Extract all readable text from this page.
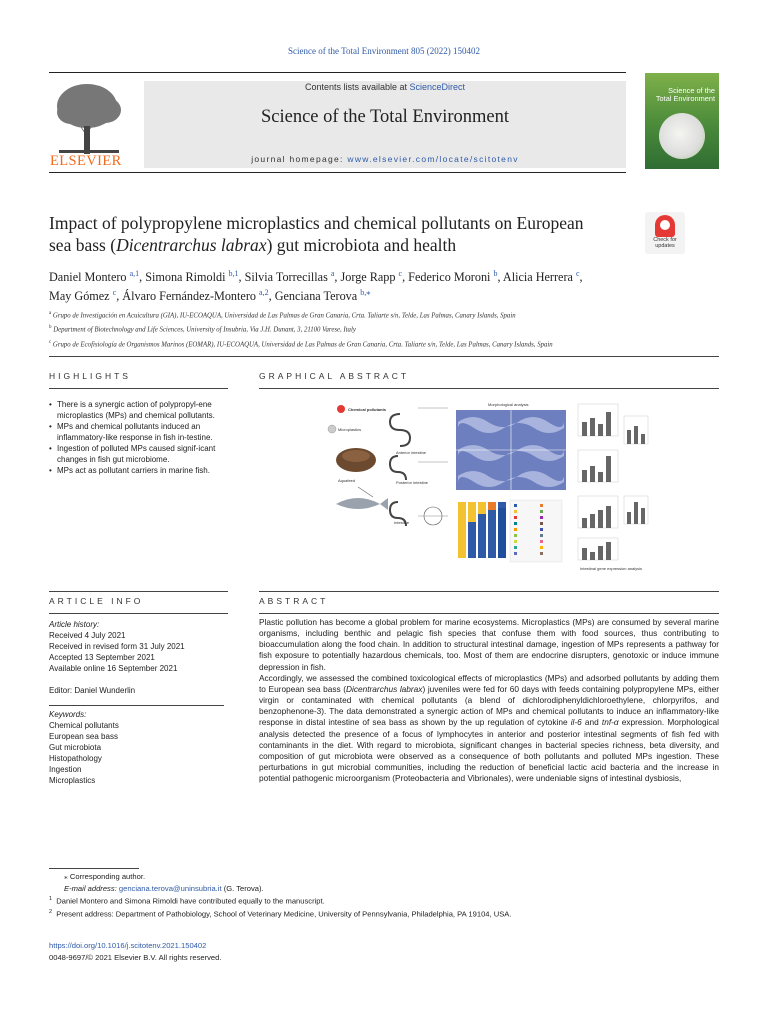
Science of the Total Environment 805 (2022) 150402
ELSEVIER
Contents lists available at ScienceDirect
Science of the Total Environment
journal homepage: www.elsevier.com/locate/scitotenv
Science of the Total Environment
Impact of polypropylene microplastics and chemical pollutants on European sea bass (Dicentrarchus labrax) gut microbiota and health	Check for updates
Daniel Montero $^{a,1}$, Simona Rimoldi $^{b,1}$, Silvia Torrecillas $^a$, Jorge Rapp $^c$, Federico Moroni $^b$, Alicia Herrera $^c$,
May Gómez $^c$, Álvaro Fernández-Montero $^{a,2}$, Genciana Terova $^{b,⁎}$
$^a$ Grupo de Investigación en Acuicultura (GIA), IU-ECOAQUA, Universidad de Las Palmas de Gran Canaria, Crta. Taliarte s/n, Telde, Las Palmas, Canary Islands, Spain
$^b$ Department of Biotechnology and Life Sciences, University of Insubria, Via J.H. Dunant, 3, 21100 Varese, Italy
$^c$ Grupo de Ecofisiología de Organismos Marinos (EOMAR), IU-ECOAQUA, Universidad de Las Palmas de Gran Canaria, Crta. Taliarte s/n, Telde, Las Palmas, Canary Islands, Spain
HIGHLIGHTS	GRAPHICAL ABSTRACT
• There is a synergic action of polypropyl-ene microplastics (MPs) and chemical pollutants.
• MPs and chemical pollutants induced an inflammatory-like response in fish in-testine.
• Ingestion of polluted MPs caused signif-icant changes in fish gut microbiome.
• MPs act as pollutant carriers in marine fish.
Chemical pollutants
Microplastics
Aquafeed
Anterior intestine
Posterior intestine
Intestine
Morphological analysis
Intestinal gene expression analysis
ARTICLE INFO	ABSTRACT
Article history:
Received 4 July 2021
Received in revised form 31 July 2021
Accepted 13 September 2021
Available online 16 September 2021
Editor: Daniel Wunderlin
Keywords:
Chemical pollutants
European sea bass
Gut microbiota
Histopathology
Ingestion
Microplastics

Plastic pollution has become a global problem for marine ecosystems. Microplastics (MPs) are consumed by several marine organisms, including benthic and pelagic fish species that confuse them with food sources, thus contributing to bioaccumulation along the food chain. In addition to structural intestinal damage, ingestion of MPs represents a pathway for fish exposure to potentially hazardous chemicals, too. Most of them are endocrine disrupters, genotoxic or induce immune depression in fish.

Accordingly, we assessed the combined toxicological effects of microplastics (MPs) and adsorbed pollutants by adding them to European sea bass (Dicentrarchus labrax) juveniles were fed for 60 days with feeds containing polypropylene MPs, either virgin or contaminated with chemical pollutants (a blend of dichlorodiphenyldichloroethylene, chlorpyrifos, and benzophenone-3). The data demonstrated a synergic action of MPs and chemical pollutants to induce an inflammatory-like response in distal intestine of sea bass as shown by the up regulation of cytokine il-6 and tnf-α expression. Morphological analysis detected the presence of a focus of lymphocytes in anterior and posterior intestinal segments of fish fed with contaminants in the diet. With regard to microbiota, significant changes in bacterial species richness, beta diversity, and composition of gut microbiota were observed as a consequence of both pollutants and polluted MPs ingestion. These perturbations in gut microbial communities, including the reduction of beneficial lactic acid bacteria and the increase in potential pathogenic microorganism (Proteobacteria and Vibrionales), were undeniable signs of intestinal dysbiosis,

⁎ Corresponding author.
E-mail address: genciana.terova@uninsubria.it (G. Terova).
$^1$ Daniel Montero and Simona Rimoldi have contributed equally to the manuscript.
$^2$ Present address: Department of Pathobiology, School of Veterinary Medicine, University of Pennsylvania, Philadelphia, PA 19104, USA.
https://doi.org/10.1016/j.scitotenv.2021.150402
0048-9697/© 2021 Elsevier B.V. All rights reserved.
